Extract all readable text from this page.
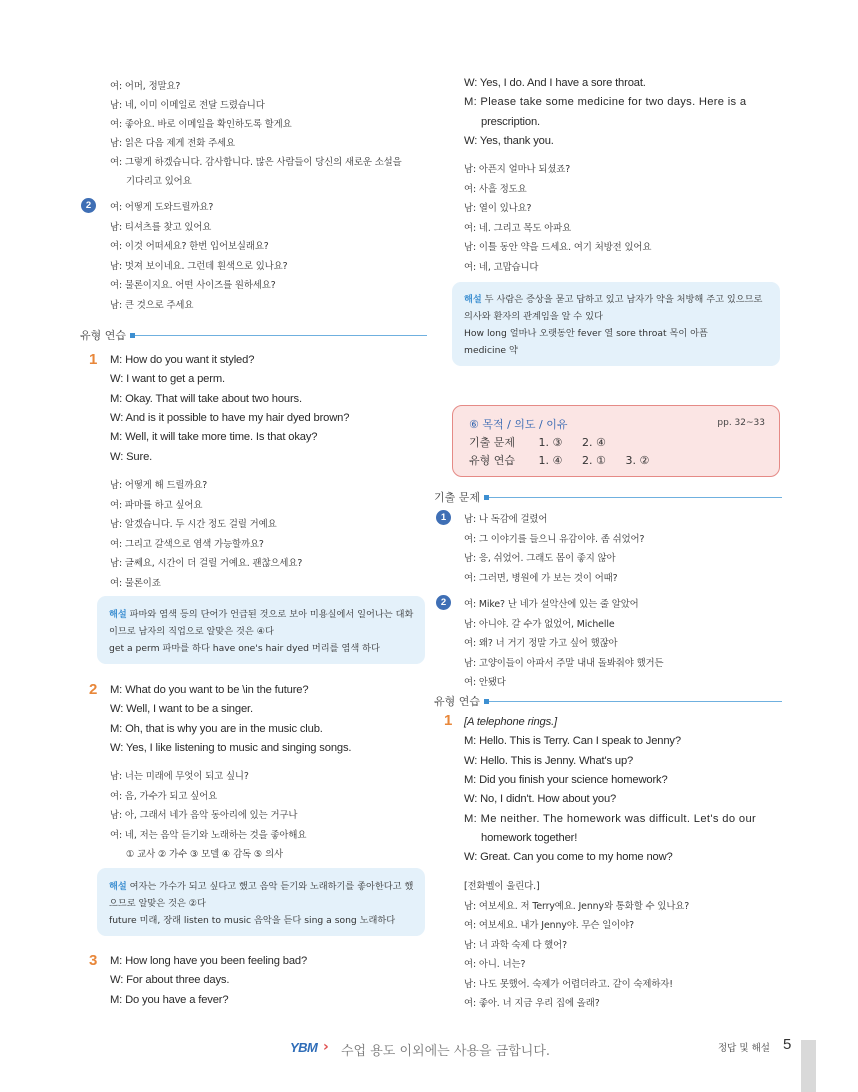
여: 어머, 정말요?
남: 네, 이미 이메일로 전달 드렸습니다
여: 좋아요. 바로 이메일을 확인하도록 할게요
남: 읽은 다음 제게 전화 주세요
여: 그렇게 하겠습니다. 감사합니다. 많은 사람들이 당신의 새로운 소설을
기다리고 있어요
2	여: 어떻게 도와드릴까요?
남: 티셔츠를 찾고 있어요
여: 이것 어떠세요? 한번 입어보실래요?
남: 멋져 보이네요. 그런데 흰색으로 있나요?
여: 물론이지요. 어떤 사이즈를 원하세요?
남: 큰 것으로 주세요
유형 연습
1 M: How do you want it styled?
W: I want to get a perm.
M: Okay. That will take about two hours.
W: And is it possible to have my hair dyed brown?
M: Well, it will take more time. Is that okay?
W: Sure.
남: 어떻게 해 드릴까요?
여: 파마를 하고 싶어요
남: 알겠습니다. 두 시간 정도 걸릴 거예요
여: 그리고 갈색으로 염색 가능할까요?
남: 글쎄요, 시간이 더 걸릴 거예요. 괜찮으세요?
여: 물론이죠
해설 파마와 염색 등의 단어가 언급된 것으로 보아 미용실에서 일어나는 대화
이므로 남자의 직업으로 알맞은 것은 ④다
get a perm 파마를 하다 have one's hair dyed 머리를 염색 하다
2 M: What do you want to be \in the future?
W: Well, I want to be a singer.
M: Oh, that is why you are in the music club.
W: Yes, I like listening to music and singing songs.
남: 너는 미래에 무엇이 되고 싶니?
여: 음, 가수가 되고 싶어요
남: 아, 그래서 네가 음악 동아리에 있는 거구나
여: 네, 저는 음악 듣기와 노래하는 것을 좋아해요
① 교사 ② 가수 ③ 모델 ④ 감독 ⑤ 의사
해설 여자는 가수가 되고 싶다고 했고 음악 듣기와 노래하기를 좋아한다고 했
으므로 알맞은 것은 ②다
future 미래, 장래 listen to music 음악을 듣다 sing a song 노래하다
3 M: How long have you been feeling bad?
W: For about three days.
M: Do you have a fever?
W: Yes, I do. And I have a sore throat.
M: Please take some medicine for two days. Here is a
prescription.
W: Yes, thank you.
남: 아픈지 얼마나 되셨죠?
여: 사흘 정도요
남: 열이 있나요?
여: 네. 그리고 목도 아파요
남: 이틀 동안 약을 드세요. 여기 처방전 있어요
여: 네, 고맙습니다
해설 두 사람은 증상을 묻고 답하고 있고 남자가 약을 처방해 주고 있으므로
의사와 환자의 관계임을 알 수 있다
How long 얼마나 오랫동안 fever 열 sore throat 목이 아픔
medicine 약
⑥ 목적 / 의도 / 이유	pp. 32~33
기출 문제 1. ③ 2. ④
유형 연습 1. ④ 2. ① 3. ②
기출 문제
1	남: 나 독감에 걸렸어
여: 그 이야기를 들으니 유감이야. 좀 쉬었어?
남: 응, 쉬었어. 그래도 몸이 좋지 않아
여: 그러면, 병원에 가 보는 것이 어때?
2	여: Mike? 난 네가 설악산에 있는 줄 알았어
남: 아니야. 갈 수가 없었어, Michelle
여: 왜? 너 거기 정말 가고 싶어 했잖아
남: 고양이들이 아파서 주말 내내 돌봐줘야 했거든
여: 안됐다
유형 연습
1 [A telephone rings.]
M: Hello. This is Terry. Can I speak to Jenny?
W: Hello. This is Jenny. What's up?
M: Did you finish your science homework?
W: No, I didn't. How about you?
M: Me neither. The homework was difficult. Let's do our
homework together!
W: Great. Can you come to my home now?
[전화벨이 울린다.]
남: 여보세요. 저 Terry예요. Jenny와 통화할 수 있나요?
여: 여보세요. 내가 Jenny야. 무슨 일이야?
남: 너 과학 숙제 다 했어?
여: 아니. 너는?
남: 나도 못했어. 숙제가 어렵더라고. 같이 숙제하자!
여: 좋아. 너 지금 우리 집에 올래?
YBM › 수업 용도 이외에는 사용을 금합니다.	정답 및 해설 5
